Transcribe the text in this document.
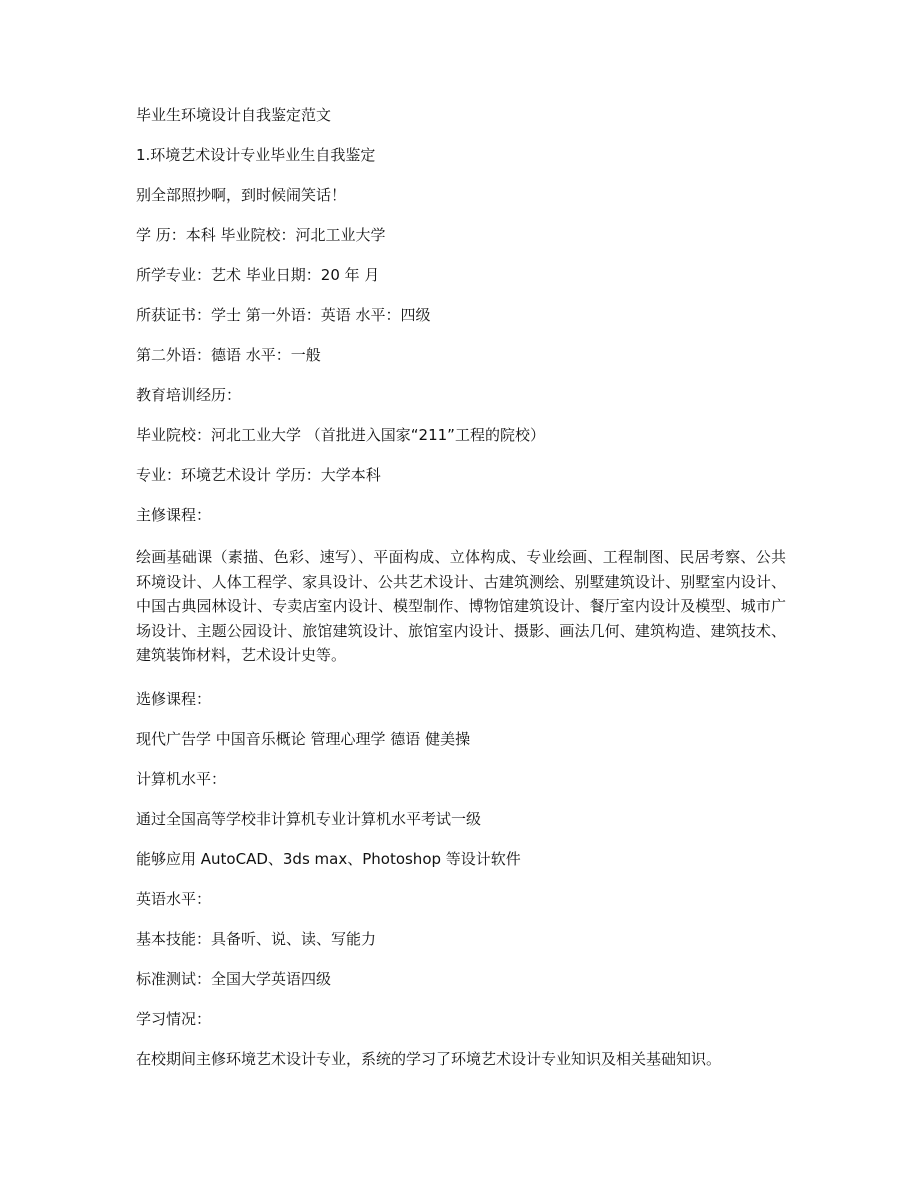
毕业生环境设计自我鉴定范文

1.环境艺术设计专业毕业生自我鉴定

别全部照抄啊，到时候闹笑话！

学 历：本科 毕业院校：河北工业大学

所学专业：艺术 毕业日期：20 年 月

所获证书：学士 第一外语：英语 水平：四级

第二外语：德语 水平：一般

教育培训经历：

毕业院校：河北工业大学 （首批进入国家“211”工程的院校）

专业：环境艺术设计 学历：大学本科

主修课程：

绘画基础课（素描、色彩、速写）、平面构成、立体构成、专业绘画、工程制图、民居考察、公共环境设计、人体工程学、家具设计、公共艺术设计、古建筑测绘、别墅建筑设计、别墅室内设计、中国古典园林设计、专卖店室内设计、模型制作、博物馆建筑设计、餐厅室内设计及模型、城市广场设计、主题公园设计、旅馆建筑设计、旅馆室内设计、摄影、画法几何、建筑构造、建筑技术、建筑装饰材料，艺术设计史等。

选修课程：

现代广告学 中国音乐概论 管理心理学 德语 健美操

计算机水平：

通过全国高等学校非计算机专业计算机水平考试一级

能够应用 AutoCAD、3ds max、Photoshop 等设计软件

英语水平：

基本技能：具备听、说、读、写能力

标准测试：全国大学英语四级

学习情况：

在校期间主修环境艺术设计专业，系统的学习了环境艺术设计专业知识及相关基础知识。
